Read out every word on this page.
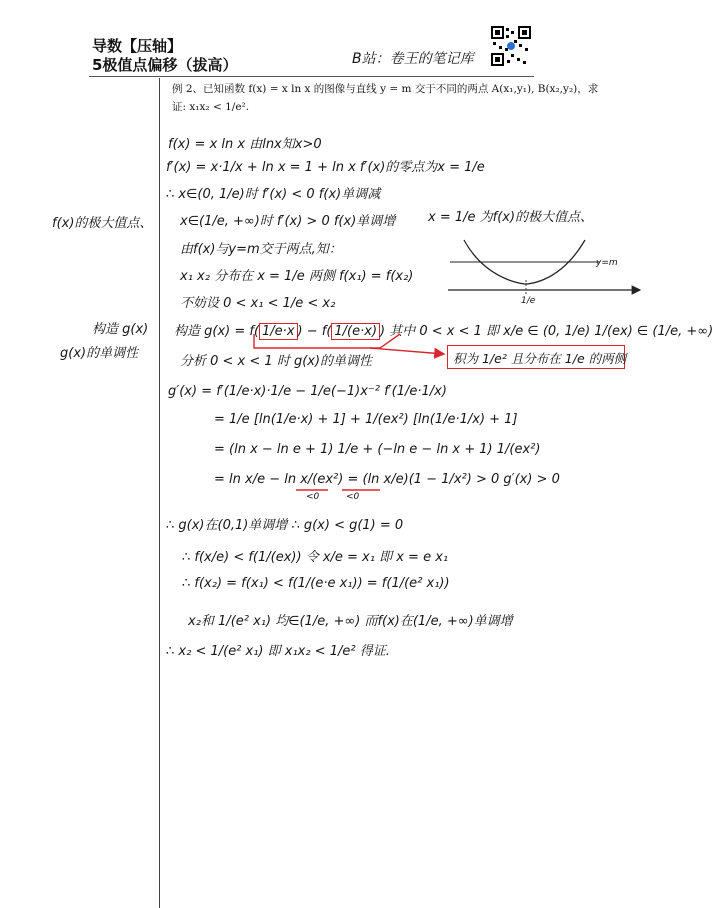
导数【压轴】
5极值点偏移（拔高）	B站：卷王的笔记库
例 2、已知函数 f(x) = x ln x 的图像与直线 y = m 交于不同的两点 A(x₁,y₁), B(x₂,y₂)，求
证: x₁x₂ < 1/e².
f(x)的极大值点、
构造 g(x)
g(x)的单调性
f(x) = x ln x 由lnx知x>0
f′(x) = x·1/x + ln x = 1 + ln x f′(x)的零点为x = 1/e
∴ x∈(0, 1/e)时 f′(x) < 0 f(x)单调减
x∈(1/e, +∞)时 f′(x) > 0 f(x)单调增	x = 1/e 为f(x)的极大值点、
由f(x)与y=m交于两点,知：
x₁ x₂ 分布在 x = 1/e 两侧 f(x₁) = f(x₂)
不妨设 0 < x₁ < 1/e < x₂
y=m
1/e
构造 g(x) = f( 1/e·x ) − f( 1/(e·x) ) 其中 0 < x < 1 即 x/e ∈ (0, 1/e) 1/(ex) ∈ (1/e, +∞)
积为 1/e² 且分布在 1/e 的两侧
分析 0 < x < 1 时 g(x)的单调性
g′(x) = f′(1/e·x)·1/e − 1/e(−1)x⁻² f′(1/e·1/x)
= 1/e [ln(1/e·x) + 1] + 1/(ex²) [ln(1/e·1/x) + 1]
= (ln x − ln e + 1) 1/e + (−ln e − ln x + 1) 1/(ex²)
= ln x/e − ln x/(ex²) = (ln x/e)(1 − 1/x²) > 0 g′(x) > 0
<0	<0
∴ g(x)在(0,1)单调增 ∴ g(x) < g(1) = 0
∴ f(x/e) < f(1/(ex)) 令 x/e = x₁ 即 x = e x₁
∴ f(x₂) = f(x₁) < f(1/(e·e x₁)) = f(1/(e² x₁))
x₂和 1/(e² x₁) 均∈(1/e, +∞) 而f(x)在(1/e, +∞)单调增
∴ x₂ < 1/(e² x₁) 即 x₁x₂ < 1/e² 得证.
